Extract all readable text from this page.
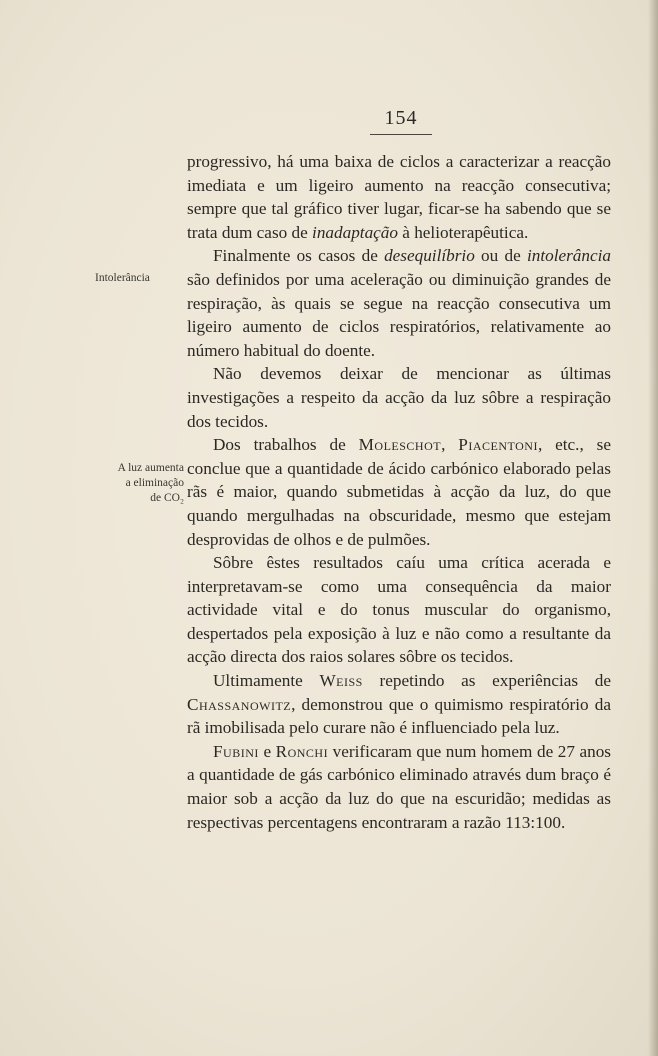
154
Intolerância
A luz aumenta
a eliminação
de CO₂

progressivo, há uma baixa de ciclos a caracterizar a reacção imediata e um ligeiro aumento na reacção consecutiva; sempre que tal gráfico tiver lugar, ficar-se ha sabendo que se trata dum caso de inadaptação à helioterapêutica.

Finalmente os casos de desequilíbrio ou de intolerância são definidos por uma aceleração ou diminuição grandes de respiração, às quais se segue na reacção consecutiva um ligeiro aumento de ciclos respiratórios, relativamente ao número habitual do doente.

Não devemos deixar de mencionar as últimas investigações a respeito da acção da luz sôbre a respiração dos tecidos.

Dos trabalhos de Moleschot, Piacentoni, etc., se conclue que a quantidade de ácido carbónico elaborado pelas rãs é maior, quando submetidas à acção da luz, do que quando mergulhadas na obscuridade, mesmo que estejam desprovidas de olhos e de pulmões.

Sôbre êstes resultados caíu uma crítica acerada e interpretavam-se como uma consequência da maior actividade vital e do tonus muscular do organismo, despertados pela exposição à luz e não como a resultante da acção directa dos raios solares sôbre os tecidos.

Ultimamente Weiss repetindo as experiências de Chassanowitz, demonstrou que o quimismo respiratório da rã imobilisada pelo curare não é influenciado pela luz.

Fubini e Ronchi verificaram que num homem de 27 anos a quantidade de gás carbónico eliminado através dum braço é maior sob a acção da luz do que na escuridão; medidas as respectivas percentagens encontraram a razão 113:100.
